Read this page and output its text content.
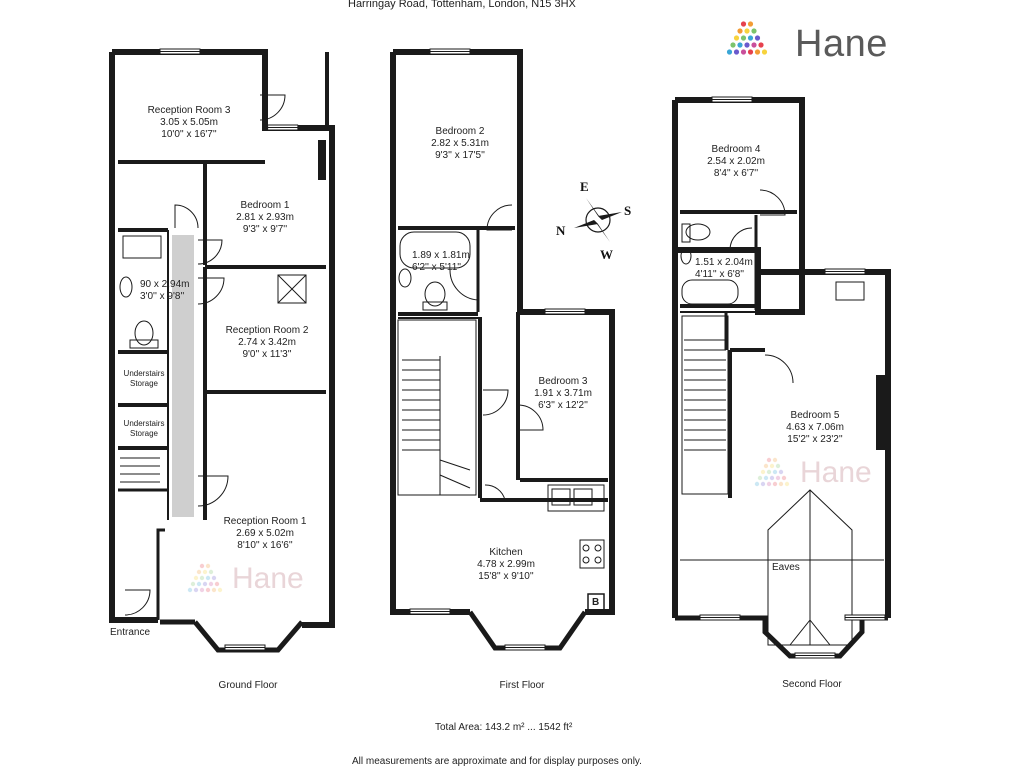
Harringay Road, Tottenham, London, N15 3HX
Hane
E
S
N
W
Hane
Hane
Reception Room 3
3.05 x 5.05m
10'0'' x 16'7''
Bedroom 1
2.81 x 2.93m
9'3'' x 9'7''
90 x 2.94m
3'0'' x 9'8''
Reception Room 2
2.74 x 3.42m
9'0'' x 11'3''
Understairs
Storage
Understairs
Storage
Reception Room 1
2.69 x 5.02m
8'10'' x 16'6''
Entrance
Ground Floor
Bedroom 2
2.82 x 5.31m
9'3'' x 17'5''
1.89 x 1.81m
6'2'' x 5'11''
Bedroom 3
1.91 x 3.71m
6'3'' x 12'2''
Kitchen
4.78 x 2.99m
15'8'' x 9'10''
B
First Floor
Bedroom 4
2.54 x 2.02m
8'4'' x 6'7''
1.51 x 2.04m
4'11'' x 6'8''
Bedroom 5
4.63 x 7.06m
15'2'' x 23'2''
Eaves
Second Floor
Total Area: 143.2 m² ... 1542 ft²
All measurements are approximate and for display purposes only.
